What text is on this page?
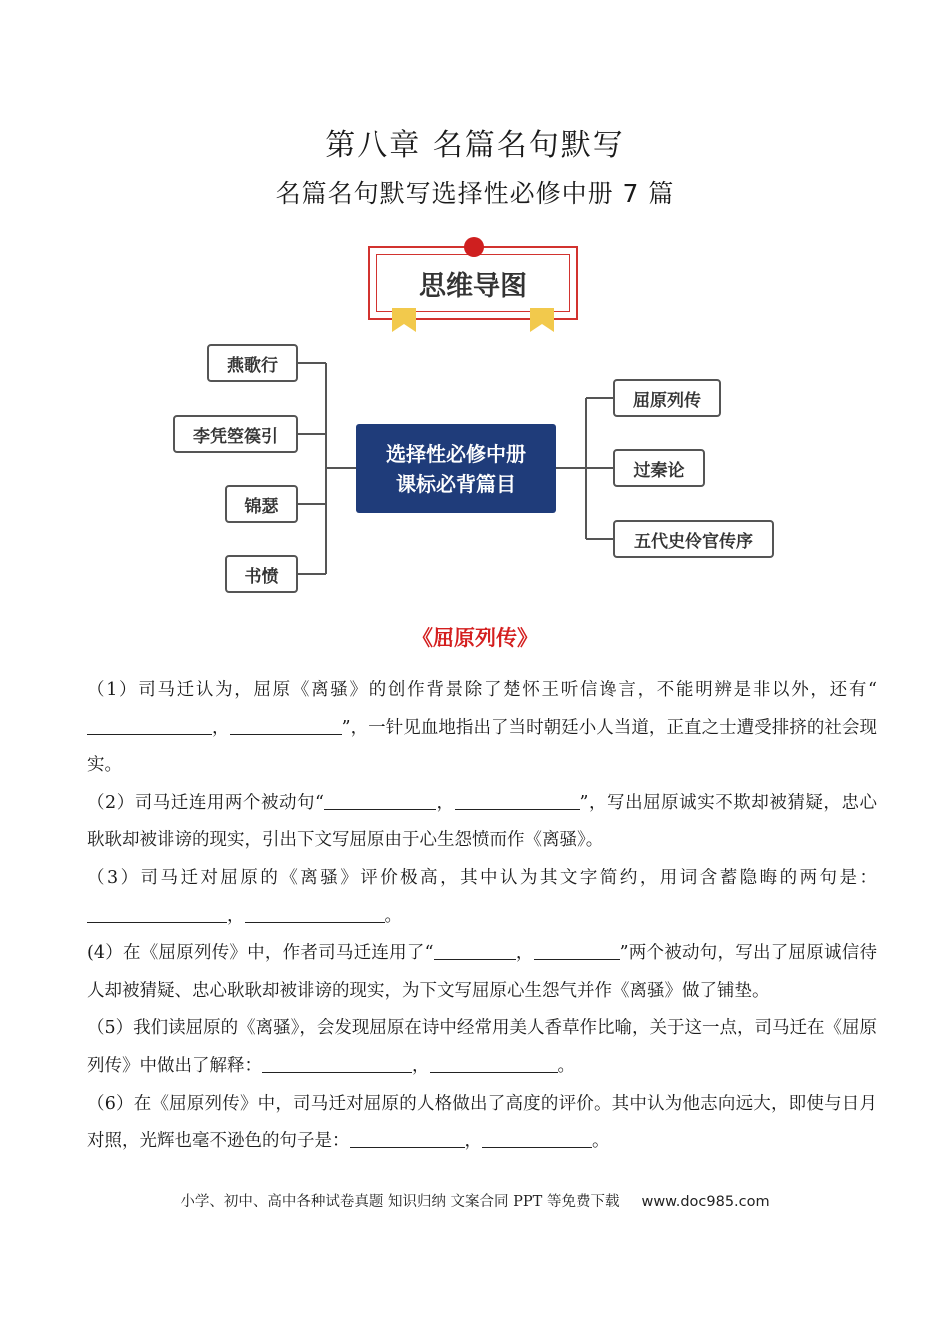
第八章 名篇名句默写
名篇名句默写选择性必修中册 7 篇
思维导图
选择性必修中册
课标必背篇目
燕歌行
李凭箜篌引
锦瑟
书愤
屈原列传
过秦论
五代史伶官传序
《屈原列传》

（1）司马迁认为，屈原《离骚》的创作背景除了楚怀王听信谗言，不能明辨是非以外，还有“，	”，一针见血地指出了当时朝廷小人当道，正直之士遭受排挤的社会现实。

（2）司马迁连用两个被动句“	，	”，写出屈原诚实不欺却被猜疑，忠心耿耿却被诽谤的现实，引出下文写屈原由于心生怨愤而作《离骚》。

（3）司马迁对屈原的《离骚》评价极高，其中认为其文字简约，用词含蓄隐晦的两句是：，	。

(4）在《屈原列传》中，作者司马迁连用了“	，	”两个被动句，写出了屈原诚信待人却被猜疑、忠心耿耿却被诽谤的现实，为下文写屈原心生怨气并作《离骚》做了铺垫。

（5）我们读屈原的《离骚》，会发现屈原在诗中经常用美人香草作比喻，关于这一点，司马迁在《屈原列传》中做出了解释：	，	。

（6）在《屈原列传》中，司马迁对屈原的人格做出了高度的评价。其中认为他志向远大，即使与日月对照，光辉也毫不逊色的句子是：	，	。

小学、初中、高中各种试卷真题 知识归纳 文案合同 PPT 等免费下载 www.doc985.com
